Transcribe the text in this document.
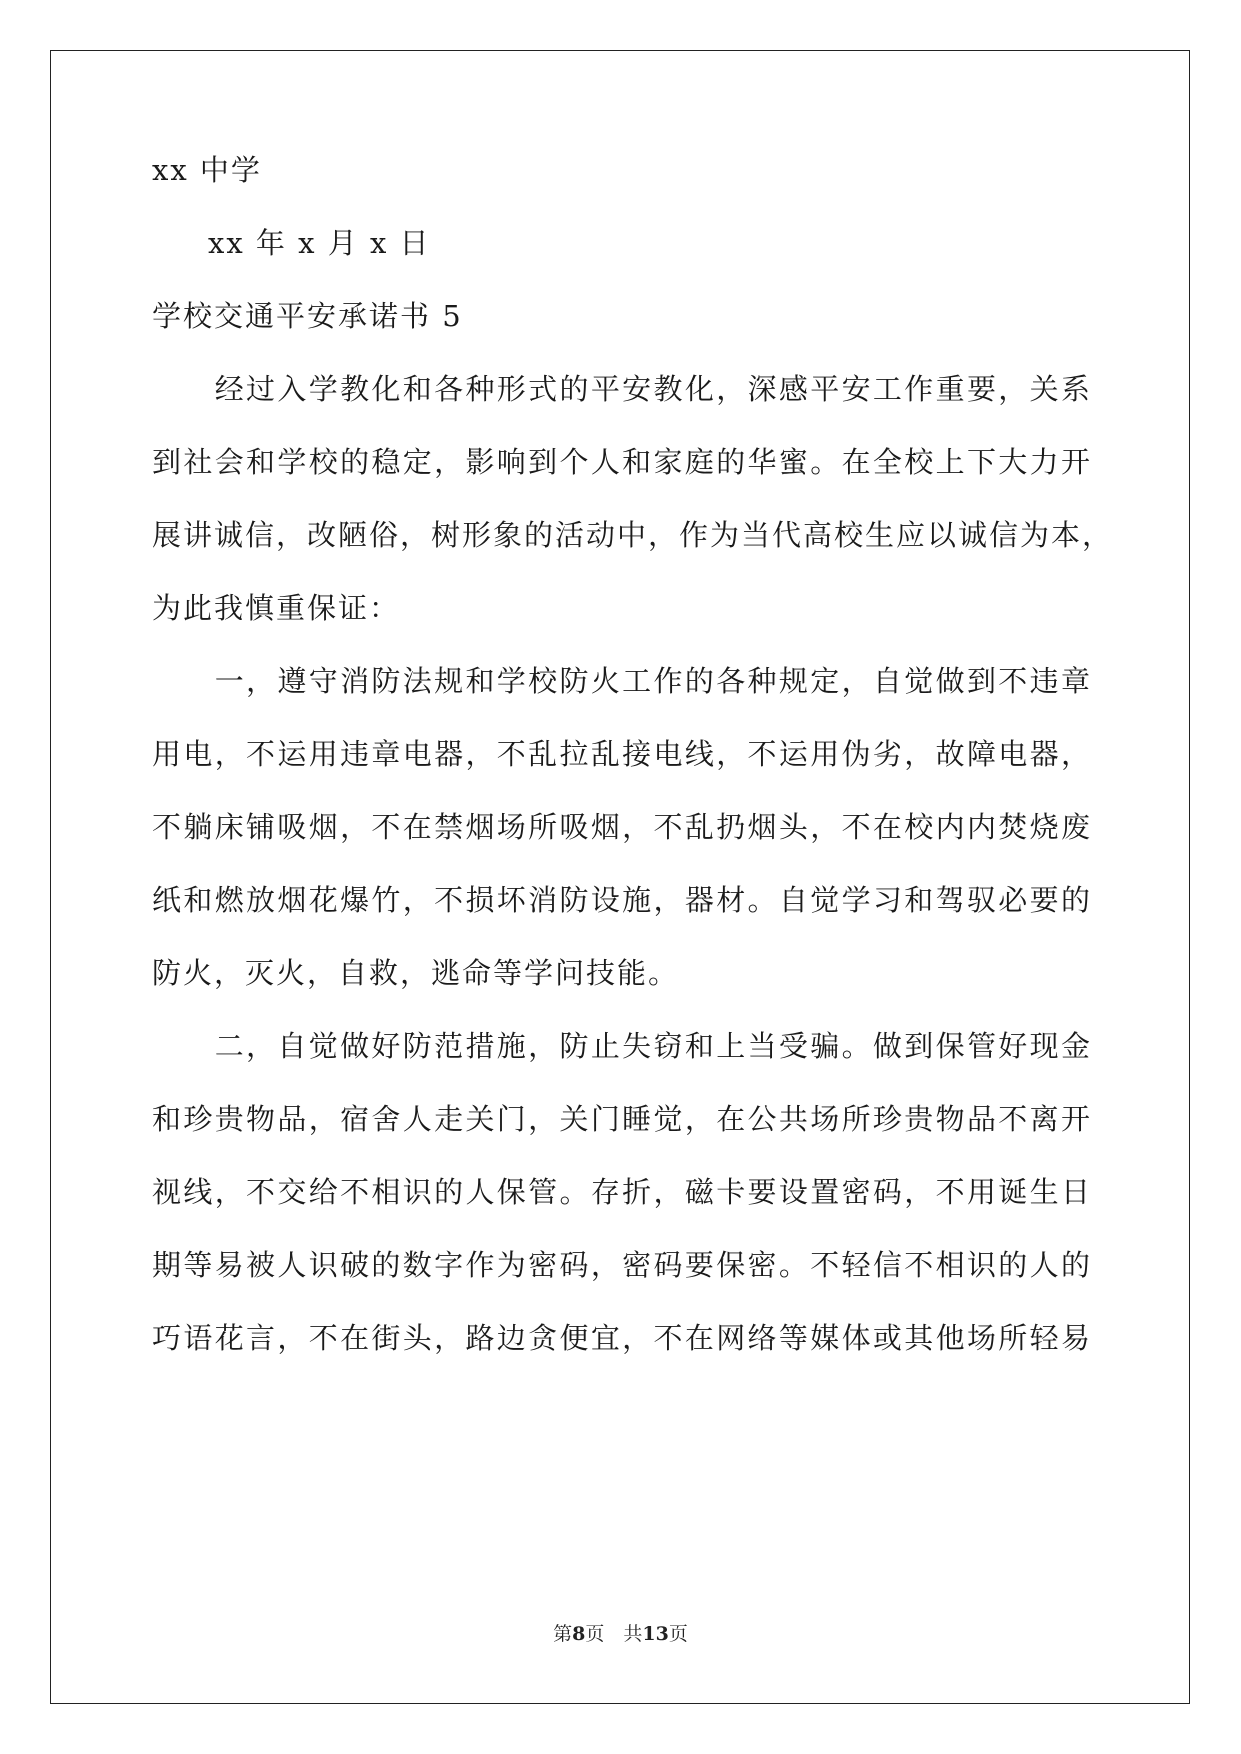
xx 中学
xx 年 x 月 x 日
学校交通平安承诺书 5
　　经过入学教化和各种形式的平安教化，深感平安工作重要，关系
到社会和学校的稳定，影响到个人和家庭的华蜜。在全校上下大力开
展讲诚信，改陋俗，树形象的活动中，作为当代高校生应以诚信为本，
为此我慎重保证：
　　一，遵守消防法规和学校防火工作的各种规定，自觉做到不违章
用电，不运用违章电器，不乱拉乱接电线，不运用伪劣，故障电器，
不躺床铺吸烟，不在禁烟场所吸烟，不乱扔烟头，不在校内内焚烧废
纸和燃放烟花爆竹，不损坏消防设施，器材。自觉学习和驾驭必要的
防火，灭火，自救，逃命等学问技能。
　　二，自觉做好防范措施，防止失窃和上当受骗。做到保管好现金
和珍贵物品，宿舍人走关门，关门睡觉，在公共场所珍贵物品不离开
视线，不交给不相识的人保管。存折，磁卡要设置密码，不用诞生日
期等易被人识破的数字作为密码，密码要保密。不轻信不相识的人的
巧语花言，不在街头，路边贪便宜，不在网络等媒体或其他场所轻易
第8页　共13页
